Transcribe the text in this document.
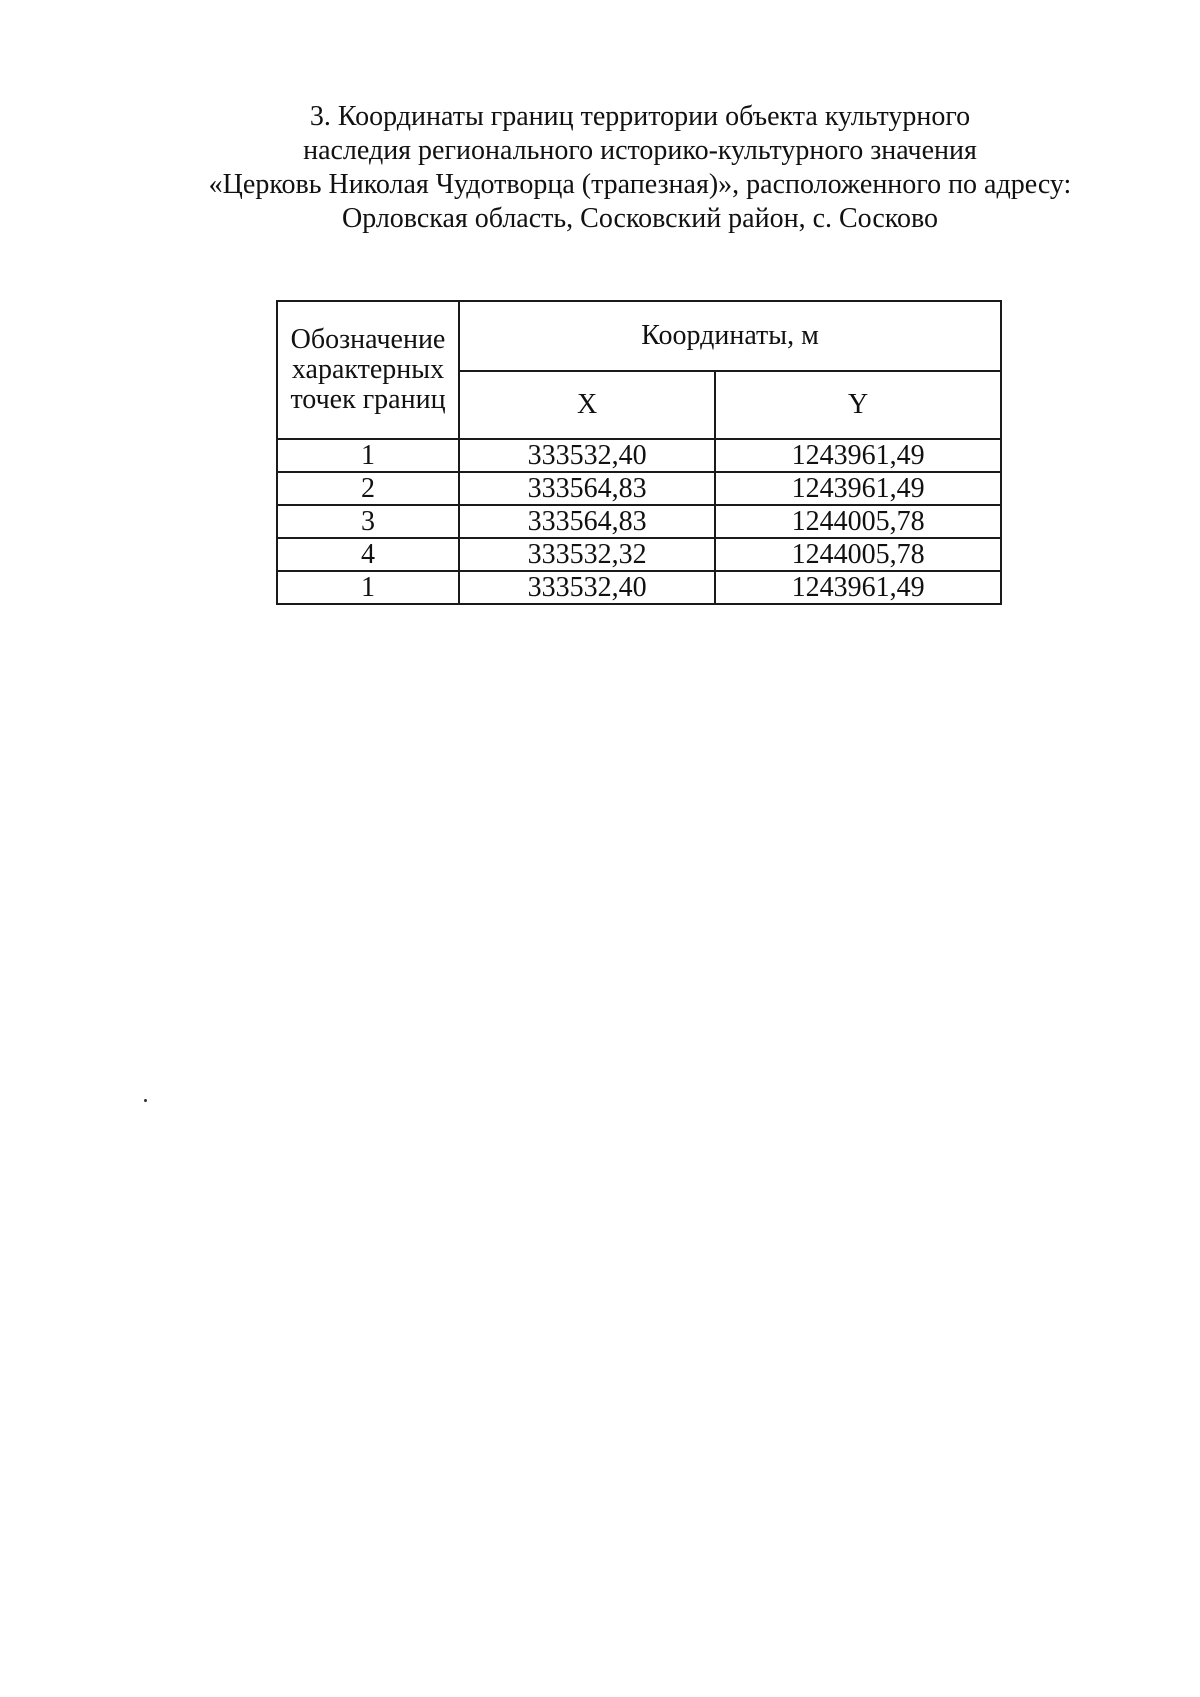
3. Координаты границ территории объекта культурного
наследия регионального историко-культурного значения
«Церковь Николая Чудотворца (трапезная)», расположенного по адресу:
Орловская область, Сосковский район, с. Сосково
Обозначение характерных точек границ	Координаты, м	
	X	Y
1	333532,40	1243961,49
2	333564,83	1243961,49
3	333564,83	1244005,78
4	333532,32	1244005,78
1	333532,40	1243961,49
